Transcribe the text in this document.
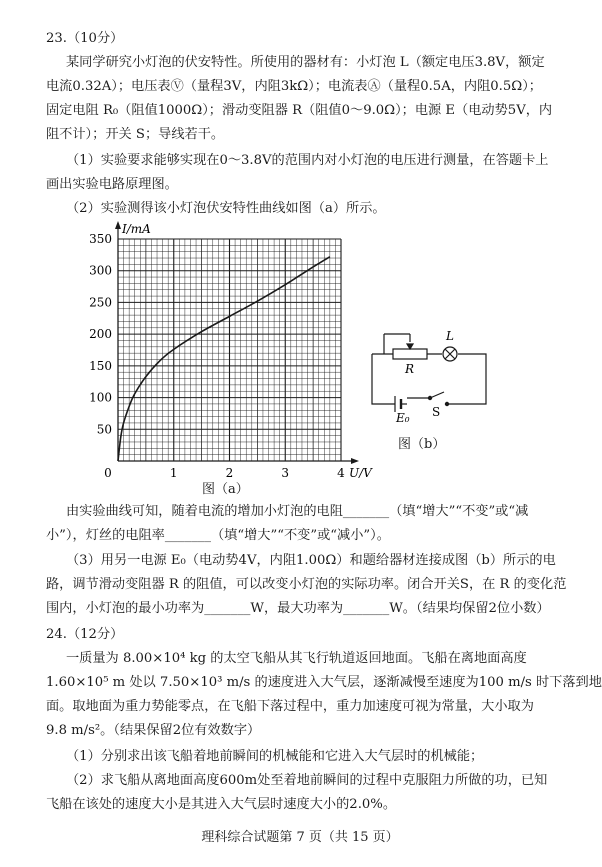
23.（10分）
某同学研究小灯泡的伏安特性。所使用的器材有：小灯泡 L（额定电压3.8V，额定
电流0.32A）；电压表Ⓥ（量程3V，内阻3kΩ）；电流表Ⓐ（量程0.5A，内阻0.5Ω）；
固定电阻 R₀（阻值1000Ω）；滑动变阻器 R（阻值0～9.0Ω）；电源 E（电动势5V，内
阻不计）；开关 S；导线若干。
（1）实验要求能够实现在0～3.8V的范围内对小灯泡的电压进行测量，在答题卡上
画出实验电路原理图。
（2）实验测得该小灯泡伏安特性曲线如图（a）所示。
50
100
150
200
250
300
350
0	1	2	3	4
I/mA
U/V
图（a）
L
R
E₀ S
图（b）
由实验曲线可知，随着电流的增加小灯泡的电阻_______（填“增大”“不变”或“减
小”），灯丝的电阻率_______（填“增大”“不变”或“减小”）。
（3）用另一电源 E₀（电动势4V，内阻1.00Ω）和题给器材连接成图（b）所示的电
路，调节滑动变阻器 R 的阻值，可以改变小灯泡的实际功率。闭合开关S，在 R 的变化范
围内，小灯泡的最小功率为_______W，最大功率为_______W。（结果均保留2位小数）
24.（12分）
一质量为 8.00×10⁴ kg 的太空飞船从其飞行轨道返回地面。飞船在离地面高度
1.60×10⁵ m 处以 7.50×10³ m/s 的速度进入大气层，逐渐减慢至速度为100 m/s 时下落到地
面。取地面为重力势能零点，在飞船下落过程中，重力加速度可视为常量，大小取为
9.8 m/s²。（结果保留2位有效数字）
（1）分别求出该飞船着地前瞬间的机械能和它进入大气层时的机械能；
（2）求飞船从离地面高度600m处至着地前瞬间的过程中克服阻力所做的功，已知
飞船在该处的速度大小是其进入大气层时速度大小的2.0%。
理科综合试题第 7 页（共 15 页）
